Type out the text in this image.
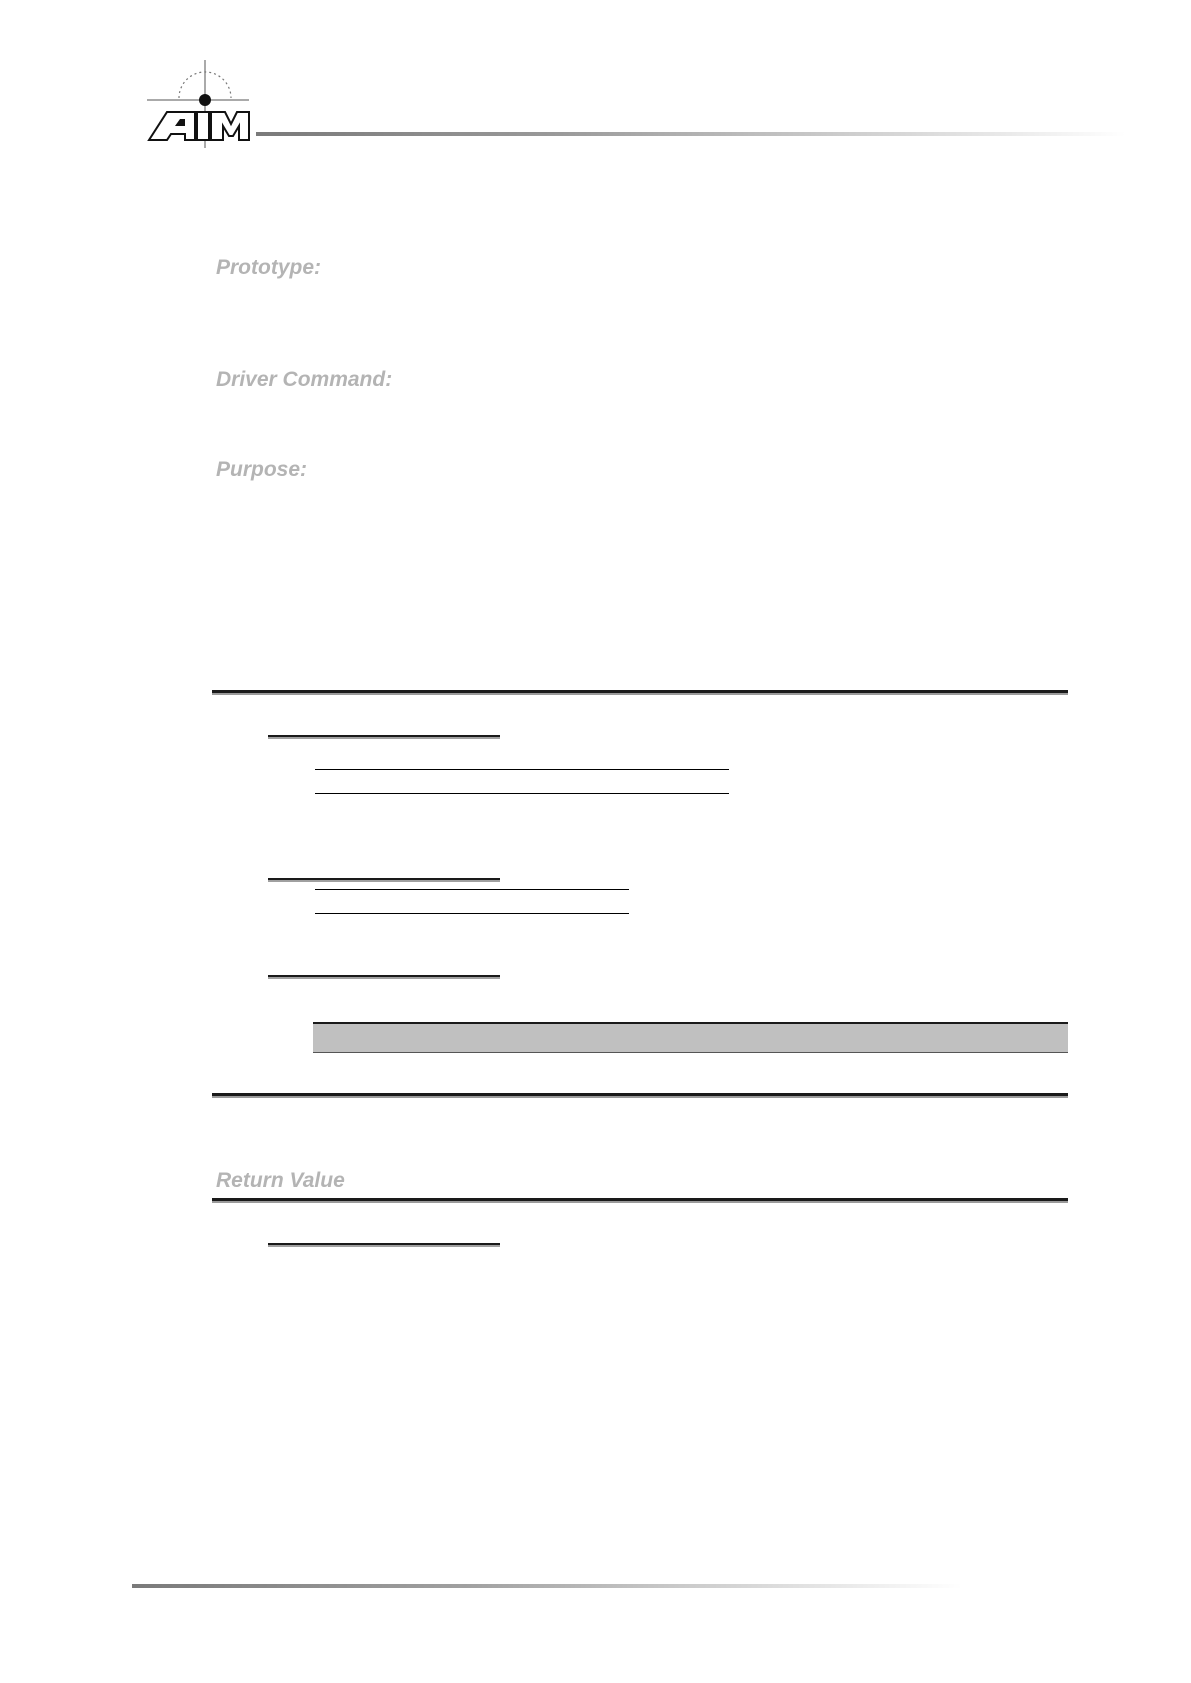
Prototype:
Driver Command:
Purpose:
Return Value
